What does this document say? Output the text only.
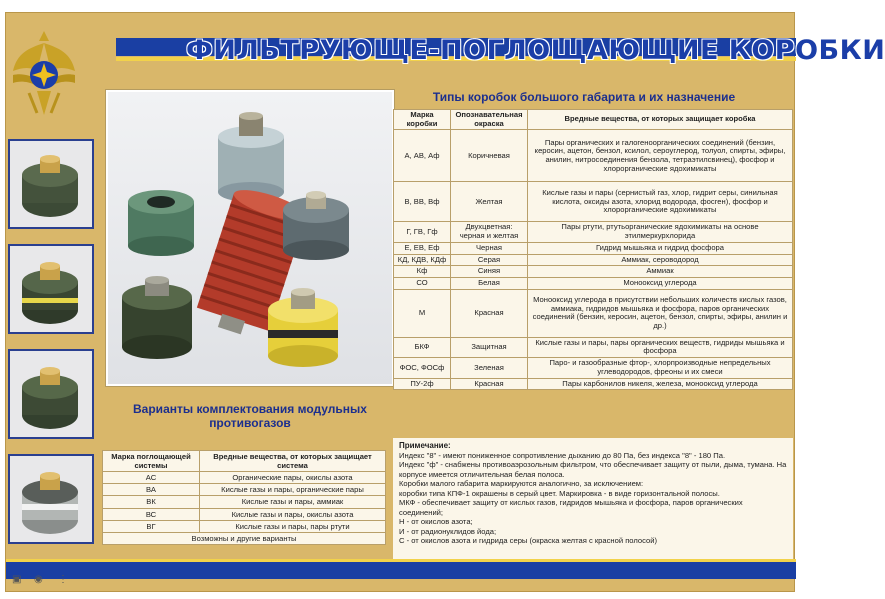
ФИЛЬТРУЮЩЕ-ПОГЛОЩАЮЩИЕ КОРОБКИ
Типы коробок большого габарита и их назначение
Марка коробки	Опознавательная окраска	Вредные вещества, от которых защищает коробка
А, АВ, Аф	Коричневая	Пары органических и галогеноорганических соединений (бензин, керосин, ацетон, бензол, ксилол, сероуглерод, толуол, спирты, эфиры, анилин, нитросоединения бензола, тетраэтилсвинец), фосфор и хлорорганические ядохимикаты
В, ВВ, Вф	Желтая	Кислые газы и пары (сернистый газ, хлор, гидрит серы, синильная кислота, оксиды азота, хлорид водорода, фосген), фосфор и хлорорганические ядохимикаты
Г, ГВ, Гф	Двухцветная: черная и желтая	Пары ртути, ртутьорганические ядохимикаты на основе этилмеркурхлорида
Е, ЕВ, Еф	Черная	Гидрид мышьяка и гидрид фосфора
КД, КДВ, КДф	Серая	Аммиак, сероводород
Кф	Синяя	Аммиак
СО	Белая	Монооксид углерода
М	Красная	Монооксид углерода в присутствии небольших количеств кислых газов, аммиака, гидридов мышьяка и фосфора, паров органических соединений (бензин, керосин, ацетон, бензол, спирты, эфиры, анилин и др.)
БКФ	Защитная	Кислые газы и пары, пары органических веществ, гидриды мышьяка и фосфора
ФОС, ФОСф	Зеленая	Паро- и газообразные фтор-, хлорпроизводные непредельных углеводородов, фреоны и их смеси
ПУ-2ф	Красная	Пары карбонилов никеля, железа, монооксид углерода

Примечание:

Индекс "8" - имеют пониженное сопротивление дыханию до 80 Па, без индекса "8" - 180 Па.

Индекс "ф" - снабжены противоаэрозольным фильтром, что обеспечивает защиту от пыли, дыма, тумана. На корпусе имеется отличительная белая полоса.

Коробки малого габарита маркируются аналогично, за исключением:

коробки типа КПФ-1 окрашены в серый цвет. Маркировка - в виде горизонтальной полосы.

МКФ - обеспечивает защиту от кислых газов, гидридов мышьяка и фосфора, паров органических соединений;

Н - от окислов азота;

И - от радионуклидов йода;

С - от окислов азота и гидрида серы (окраска желтая с красной полосой)

Варианты комплектования модульных противогазов
Марка поглощающей системы	Вредные вещества, от которых защищает система
АС	Органические пары, окислы азота
ВА	Кислые газы и пары, органические пары
ВК	Кислые газы и пары, аммиак
ВС	Кислые газы и пары, окислы азота
ВГ	Кислые газы и пары, пары ртути
Возможны и другие варианты	
▣ ◉ ⋮
